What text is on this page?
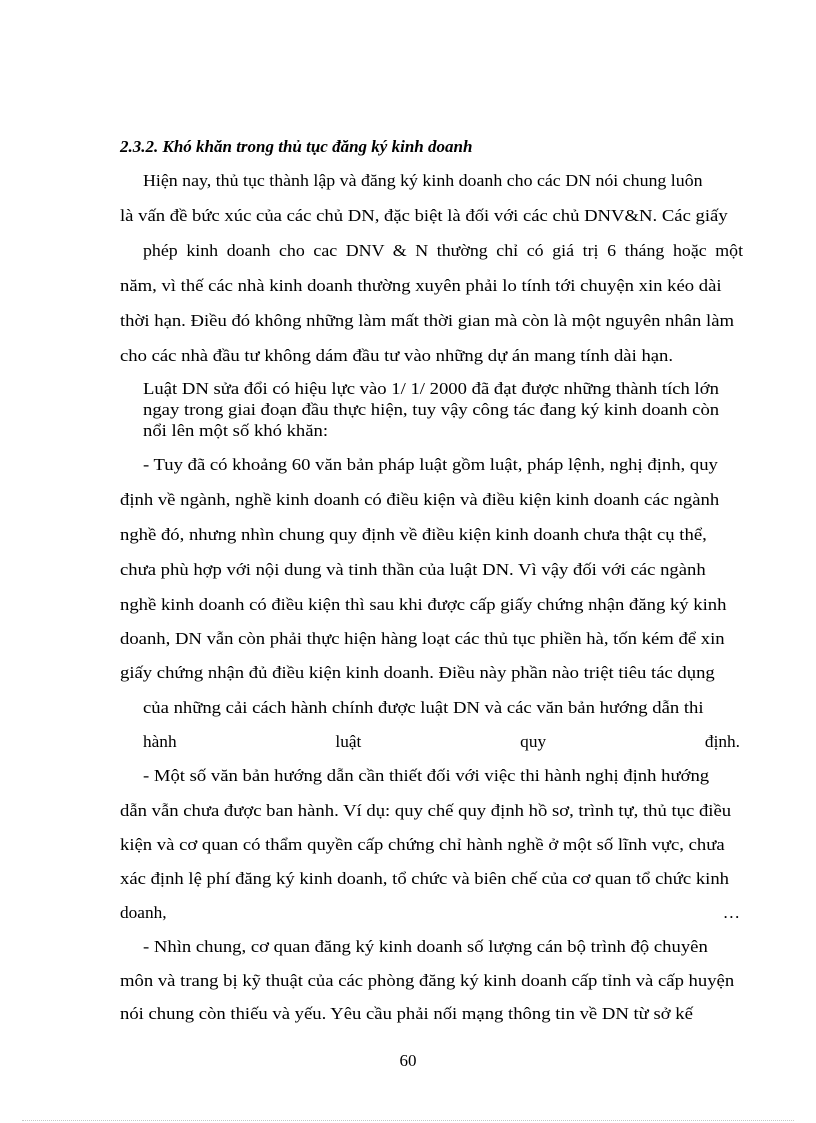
2.3.2. Khó khăn trong thủ tục đăng ký kinh doanh

Hiện nay, thủ tục thành lập và đăng ký kinh doanh cho các DN nói chung luôn

là vấn đề bức xúc của các chủ DN, đặc biệt là đối với các chủ DNV&N. Các giấy

phép kinh doanh cho cac DNV & N thường chỉ có giá trị 6 tháng hoặc một

năm, vì thế các nhà kinh doanh thường xuyên phải lo tính tới chuyện xin kéo dài

thời hạn. Điều đó không những làm mất thời gian mà còn là một nguyên nhân làm

cho các nhà đầu tư không dám đầu tư vào những dự án mang tính dài hạn.

Luật DN sửa đổi có hiệu lực vào 1/ 1/ 2000 đã đạt được những thành tích lớn

ngay trong giai đoạn đầu thực hiện, tuy vậy công tác đang ký kinh doanh còn

nổi lên một số khó khăn:

- Tuy đã có khoảng 60 văn bản pháp luật gồm luật, pháp lệnh, nghị định, quy

định về ngành, nghề kinh doanh có điều kiện và điều kiện kinh doanh các ngành

nghề đó, nhưng nhìn chung quy định về điều kiện kinh doanh chưa thật cụ thể,

chưa phù hợp với nội dung và tinh thần của luật DN. Vì vậy đối với các ngành

nghề kinh doanh có điều kiện thì sau khi được cấp giấy chứng nhận đăng ký kinh

doanh, DN vẫn còn phải thực hiện hàng loạt các thủ tục phiền hà, tốn kém để xin

giấy chứng nhận đủ điều kiện kinh doanh. Điều này phần nào triệt tiêu tác dụng

của những cải cách hành chính được luật DN và các văn bản hướng dẫn thi

hành	luật	quy	định.

- Một số văn bản hướng dẫn cần thiết đối với việc thi hành nghị định hướng

dẫn vẫn chưa được ban hành. Ví dụ: quy chế quy định hồ sơ, trình tự, thủ tục điều

kiện và cơ quan có thẩm quyền cấp chứng chỉ hành nghề ở một số lĩnh vực, chưa

xác định lệ phí đăng ký kinh doanh, tổ chức và biên chế của cơ quan tổ chức kinh

doanh,	…

- Nhìn chung, cơ quan đăng ký kinh doanh số lượng cán bộ trình độ chuyên

môn và trang bị kỹ thuật của các phòng đăng ký kinh doanh cấp tỉnh và cấp huyện

nói chung còn thiếu và yếu. Yêu cầu phải nối mạng thông tin về DN từ sở kế

60
